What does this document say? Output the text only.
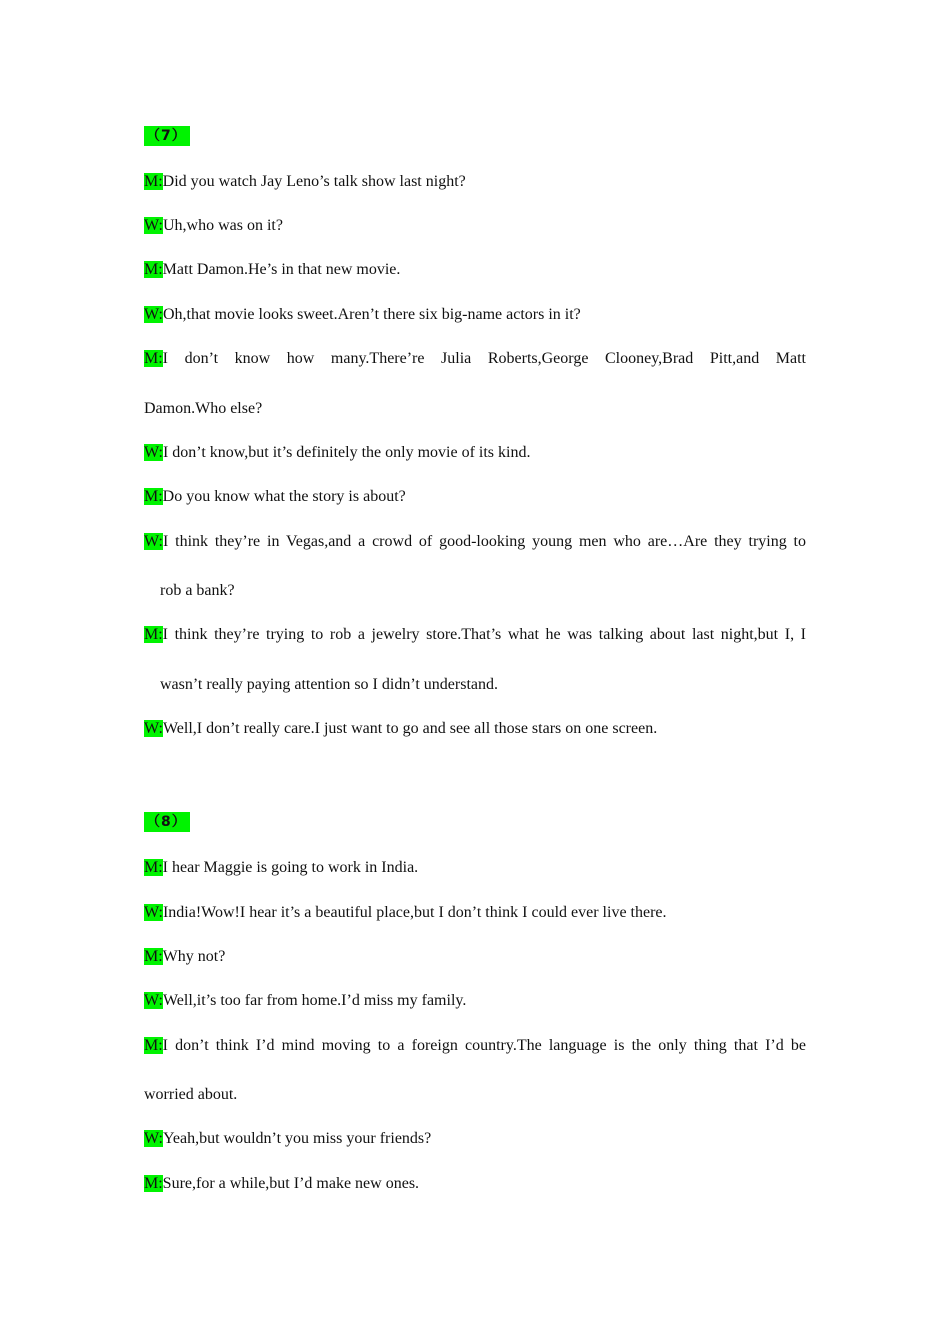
（7）
M:Did you watch Jay Leno’s talk show last night?
W:Uh,who was on it?
M:Matt Damon.He’s in that new movie.
W:Oh,that movie looks sweet.Aren’t there six big-name actors in it?
M:I don’t know how many.There’re Julia Roberts,George Clooney,Brad Pitt,and Matt
Damon.Who else?
W:I don’t know,but it’s definitely the only movie of its kind.
M:Do you know what the story is about?
W:I think they’re in Vegas,and a crowd of good-looking young men who are…Are they trying to
rob a bank?
M:I think they’re trying to rob a jewelry store.That’s what he was talking about last night,but I, I
wasn’t really paying attention so I didn’t understand.
W:Well,I don’t really care.I just want to go and see all those stars on one screen.
（8）
M:I hear Maggie is going to work in India.
W:India!Wow!I hear it’s a beautiful place,but I don’t think I could ever live there.
M:Why not?
W:Well,it’s too far from home.I’d miss my family.
M:I don’t think I’d mind moving to a foreign country.The language is the only thing that I’d be
worried about.
W:Yeah,but wouldn’t you miss your friends?
M:Sure,for a while,but I’d make new ones.
